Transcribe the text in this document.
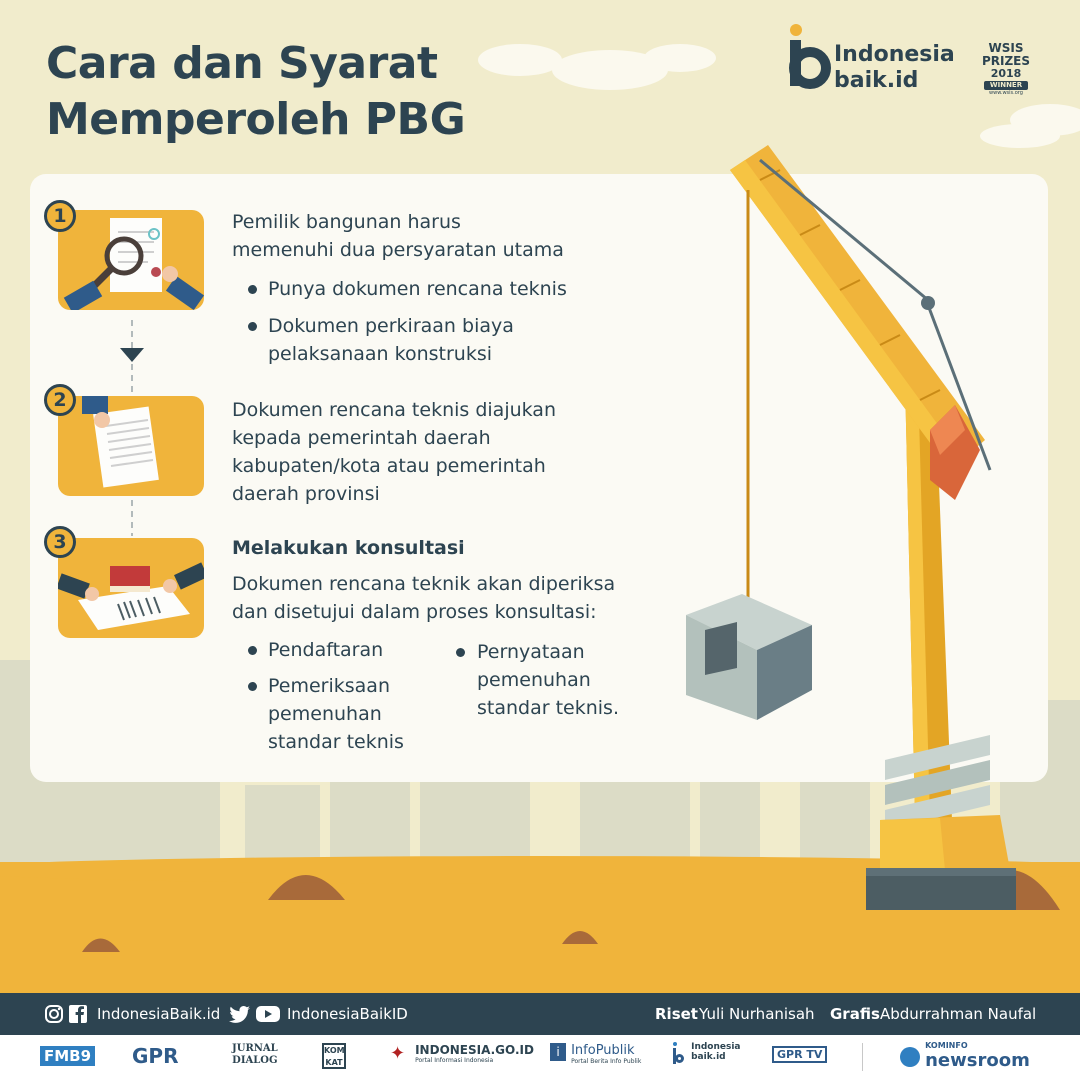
Cara dan Syarat
Memperoleh PBG
Indonesia
baik.id
WSIS
PRIZES
2018
WINNER
www.wsis.org
1	Pemilik bangunan harus
memenuhi dua persyaratan utama
Punya dokumen rencana teknis
Dokumen perkiraan biaya
pelaksanaan konstruksi
2	Dokumen rencana teknis diajukan
kepada pemerintah daerah
kabupaten/kota atau pemerintah
daerah provinsi
3	Melakukan konsultasi
Dokumen rencana teknik akan diperiksa
dan disetujui dalam proses konsultasi:
Pendaftaran
Pemeriksaan
pemenuhan
standar teknis
Pernyataan
pemenuhan
standar teknis.
IndonesiaBaik.id	IndonesiaBaikID	Riset Yuli Nurhanisah Grafis Abdurrahman Naufal
FMB9 GPR	JURNAL
DIALOG
KOM KAT	✦ INDONESIA.GO.ID
Portal Informasi Indonesia
i InfoPublik
Portal Berita Info Publik

Indonesia
baik.id	GPR TV

KOMINFO
newsroom
